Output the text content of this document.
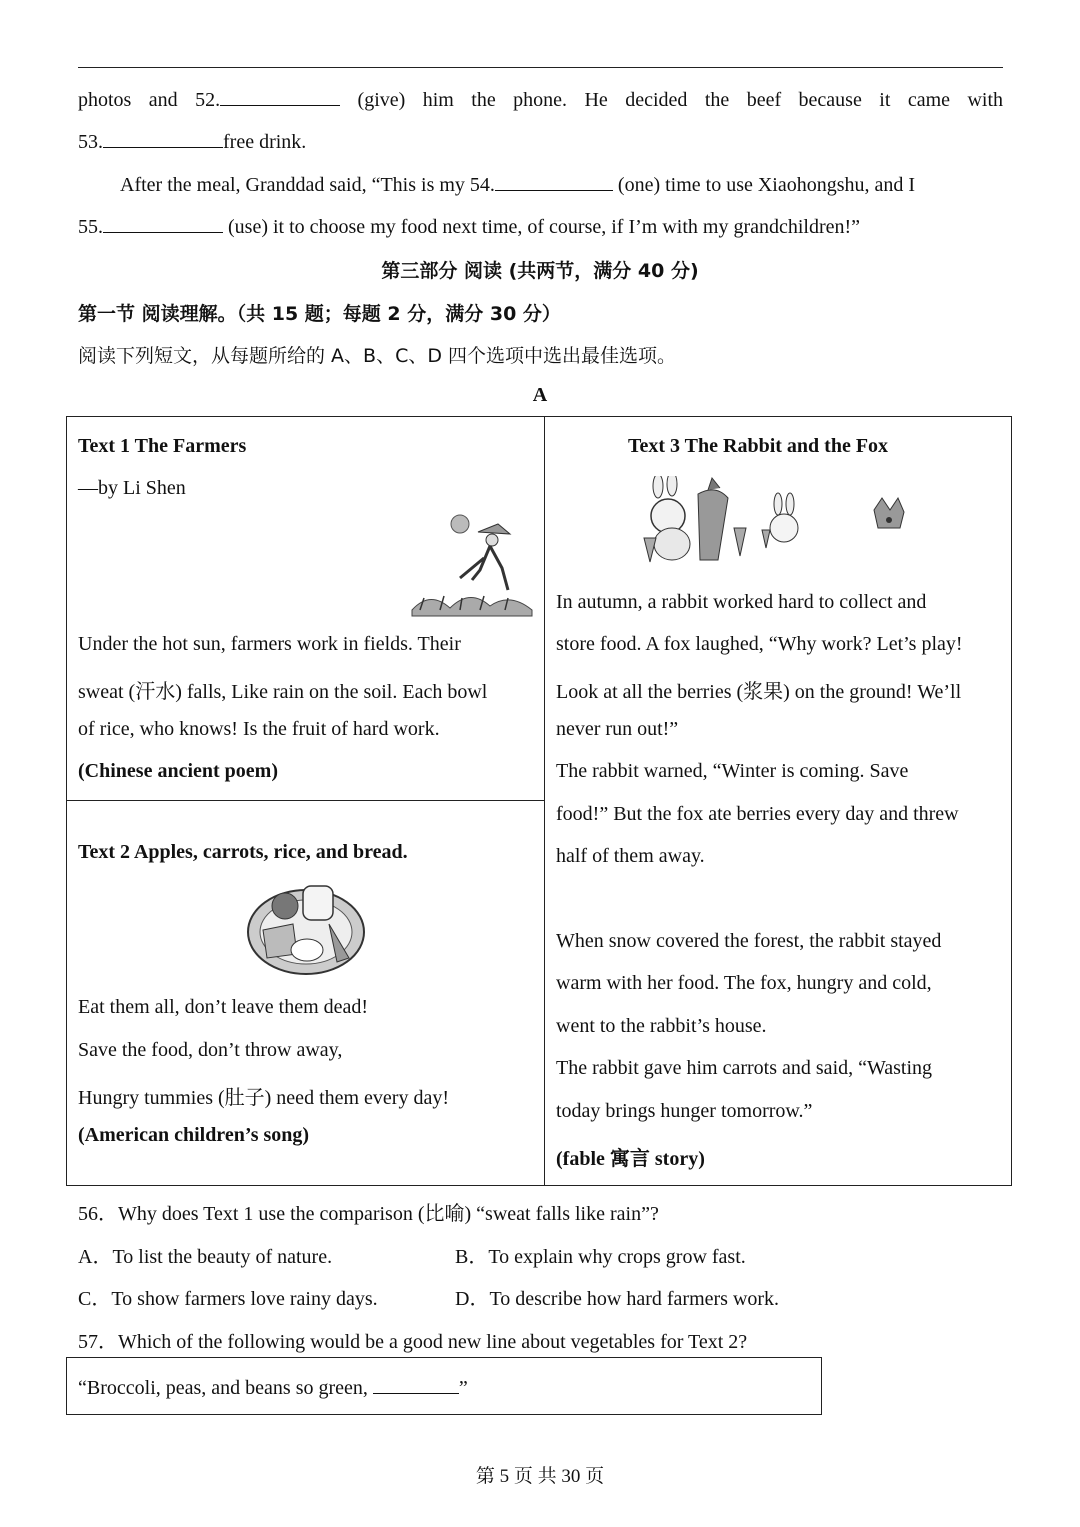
photos and 52.	(give) him the phone. He decided the beef because it came with
53.	free drink.
After the meal, Granddad said, “This is my 54.	(one) time to use Xiaohongshu, and I
55.	(use) it to choose my food next time, of course, if I’m with my grandchildren!”
第三部分 阅读 (共两节，满分 40 分)
第一节 阅读理解。（共 15 题；每题 2 分，满分 30 分）
阅读下列短文，从每题所给的 A、B、C、D 四个选项中选出最佳选项。
A
Text 1 The Farmers
—by Li Shen
Under the hot sun, farmers work in fields. Their
sweat (汗水) falls, Like rain on the soil. Each bowl
of rice, who knows! Is the fruit of hard work.
(Chinese ancient poem)
Text 2 Apples, carrots, rice, and bread.
Eat them all, don’t leave them dead!
Save the food, don’t throw away,
Hungry tummies (肚子) need them every day!
(American children’s song)
Text 3 The Rabbit and the Fox
In autumn, a rabbit worked hard to collect and
store food. A fox laughed, “Why work? Let’s play!
Look at all the berries (浆果) on the ground! We’ll
never run out!”
The rabbit warned, “Winter is coming. Save
food!” But the fox ate berries every day and threw
half of them away.
When snow covered the forest, the rabbit stayed
warm with her food. The fox, hungry and cold,
went to the rabbit’s house.
The rabbit gave him carrots and said, “Wasting
today brings hunger tomorrow.”
(fable 寓言 story)
56．Why does Text 1 use the comparison (比喻) “sweat falls like rain”?
A．To list the beauty of nature.	B．To explain why crops grow fast.
C．To show farmers love rainy days.	D．To describe how hard farmers work.
57．Which of the following would be a good new line about vegetables for Text 2?
“Broccoli, peas, and beans so green,	”
第 5 页 共 30 页
